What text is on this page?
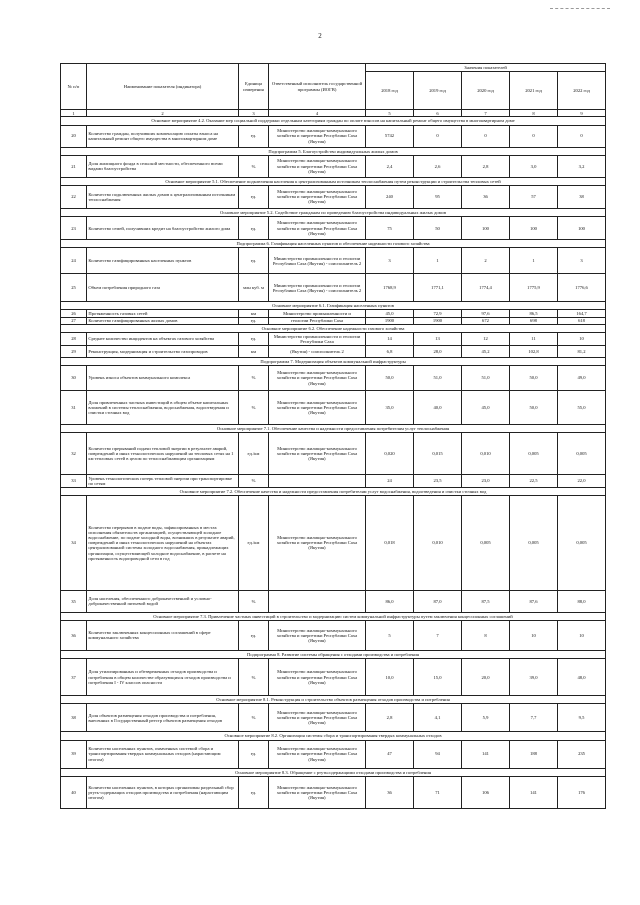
2
№ п/п	Наименование показателя (индикатора)	Единица измерения	Ответственный исполнитель государственной программы (ИОГВ)	Значения показателей				
				2018 год	2019 год	2020 год	2021 год	2022 год
1	2	3	4	5	6	7	8	9
Основное мероприятие 4.2. Оказание мер социальной поддержки отдельным категориям граждан по оплате взносов на капитальный ремонт общего имущества в многоквартирном доме								
20	Количество граждан, получивших компенсацию оплаты взноса на капитальный ремонт общего имущества в многоквартирном доме	ед.	Министерство жилищно-коммунального хозяйства и энергетики Республики Саха (Якутия)	5742	0	0	0	0
Подпрограмма 5. Благоустройство индивидуальных жилых домов								
21	Доля жилищного фонда в сельской местности, обеспеченного всеми видами благоустройства	%	Министерство жилищно-коммунального хозяйства и энергетики Республики Саха (Якутия)	2,4	2,6	2,8	3,0	3,2
Основное мероприятие 5.1. Обеспечение подключения населения к централизованным источникам теплоснабжения путем реконструкции и строительства тепловых сетей								
22	Количество подключенных жилых домов к централизованным источникам теплоснабжения	ед.	Министерство жилищно-коммунального хозяйства и энергетики Республики Саха (Якутия)	240	95	36	57	38
Основное мероприятие 5.2. Содействие гражданам по проведению благоустройства индивидуальных жилых домов								
23	Количество семей, получивших кредит на благоустройство жилого дома	ед.	Министерство жилищно-коммунального хозяйства и энергетики Республики Саха (Якутия)	75	50	100	100	100
Подпрограмма 6. Газификация населенных пунктов и обеспечение надежности газового хозяйства								
24	Количество газифицированных населенных пунктов	ед.	Министерство промышленности и геологии Республики Саха (Якутия) - соисполнитель 2	3	1	2	1	3
25	Объем потребления природного газа	млн куб. м	Министерство промышленности и геологии Республики Саха (Якутия) - соисполнитель 2	1768,9	1771,1	1774,4	1775,9	1776,6
Основное мероприятие 6.1. Газификация населенных пунктов								
26	Протяженность газовых сетей	км	Министерство промышленности и	45,0	72,9	97,6	86,5	164,7
27	Количество газифицированных жилых домов	ед.	геологии Республики Саха	1900	1900	672	698	618
Основное мероприятие 6.2. Обеспечение надежности газового хозяйства								
28	Среднее количество инцидентов на объектах газового хозяйства	ед.	Министерство промышленности и геологии Республики Саха	14	13	12	11	10
29	Реконструкция, модернизация и строительство газопроводов	км	(Якутия) - соисполнитель 2	6,8	28,0	45,2	102,8	81,2
Подпрограмма 7. Модернизация объектов коммунальной инфраструктуры								
30	Уровень износа объектов коммунального комплекса	%	Министерство жилищно-коммунального хозяйства и энергетики Республики Саха (Якутия)	50,0	51,0	51,0	50,0	49,0
31	Доля привлеченных частных инвестиций в общем объеме капитальных вложений в системы теплоснабжения, водоснабжения, водоотведения и очистки сточных вод	%	Министерство жилищно-коммунального хозяйства и энергетики Республики Саха (Якутия)	35,0	40,0	45,0	50,0	55,0
Основное мероприятие 7.1. Обеспечение качества и надежности предоставления потребителям услуг теплоснабжения								
32	Количество прерываний подачи тепловой энергии в результате аварий, повреждений и иных технологических нарушений на тепловых сетях на 1 км тепловых сетей в целом по теплоснабжающим организациям	ед./км	Министерство жилищно-коммунального хозяйства и энергетики Республики Саха (Якутия)	0,020	0,015	0,010	0,005	0,005
33	Уровень технологических потерь тепловой энергии при транспортировке по сетям	%		24	23,5	23,0	22,5	22,0
Основное мероприятие 7.2. Обеспечение качества и надежности предоставления потребителям услуг водоснабжения, водоотведения и очистки сточных вод								
34	Количество перерывов в подаче воды, зафиксированных в местах исполнения обязательств организацией, осуществляющей холодное водоснабжение, по подаче холодной воды, возникших в результате аварий, повреждений и иных технологических нарушений на объектах централизованной системы холодного водоснабжения, принадлежащих организации, осуществляющей холодное водоснабжение, в расчете на протяженность водопроводной сети в год	ед./км	Министерство жилищно-коммунального хозяйства и энергетики Республики Саха (Якутия)	0,018	0,010	0,005	0,005	0,005
35	Доля населения, обеспеченного доброкачественной и условно-доброкачественной питьевой водой	%		86,0	87,0	87,5	87,6	88,0
Основное мероприятие 7.3. Привлечение частных инвестиций в строительство и модернизацию систем коммунальной инфраструктуры путем заключения концессионных соглашений								
36	Количество заключенных концессионных соглашений в сфере коммунального хозяйства	ед.	Министерство жилищно-коммунального хозяйства и энергетики Республики Саха (Якутия)	5	7	8	10	10
Подпрограмма 8. Развитие системы обращения с отходами производства и потребления								
37	Доля утилизированных и обезвреженных отходов производства и потребления в общем количестве образующихся отходов производства и потребления I - IV классов опасности	%	Министерство жилищно-коммунального хозяйства и энергетики Республики Саха (Якутия)	10,0	15,0	20,0	39,0	48,0
Основное мероприятие 8.1. Реконструкция и строительство объектов размещения отходов производства и потребления								
38	Доля объектов размещения отходов производства и потребления, внесенных в Государственный реестр объектов размещения отходов	%	Министерство жилищно-коммунального хозяйства и энергетики Республики Саха (Якутия)	2,8	4,1	5,9	7,7	9,5
Основное мероприятие 8.2. Организация системы сбора и транспортирования твердых коммунальных отходов								
39	Количество населенных пунктов, охваченных системой сбора и транспортирования твердых коммунальных отходов (нарастающим итогом)	ед.	Министерство жилищно-коммунального хозяйства и энергетики Республики Саха (Якутия)	47	94	141	188	235
Основное мероприятие 8.3. Обращение с ртутьсодержащими отходами производства и потребления								
40	Количество населенных пунктов, в которых организован раздельный сбор ртуть-содержащих отходов производства и потребления (нарастающим итогом)	ед.	Министерство жилищно-коммунального хозяйства и энергетики Республики Саха (Якутия)	36	71	106	141	176
